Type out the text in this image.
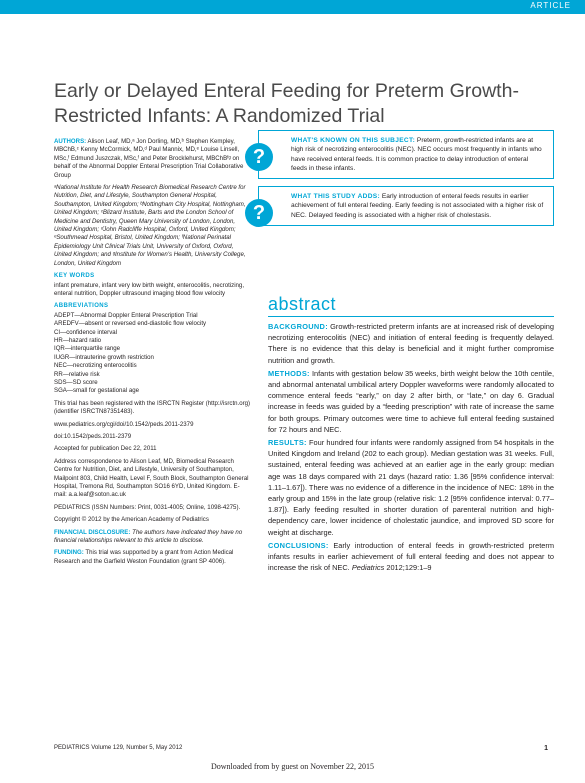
ARTICLE
Early or Delayed Enteral Feeding for Preterm Growth-Restricted Infants: A Randomized Trial

AUTHORS: Alison Leaf, MD,ᵃ Jon Dorling, MD,ᵇ Stephen Kempley, MBChB,ᶜ Kenny McCormick, MD,ᵈ Paul Mannix, MD,ᵉ Louise Linsell, MSc,ᶠ Edmund Juszczak, MSc,ᶠ and Peter Brocklehurst, MBChBᶠᵍ on behalf of the Abnormal Doppler Enteral Prescription Trial Collaborative Group

ᵃNational Institute for Health Research Biomedical Research Centre for Nutrition, Diet, and Lifestyle, Southampton General Hospital, Southampton, United Kingdom; ᵇNottingham City Hospital, Nottingham, United Kingdom; ᶜBlizard Institute, Barts and the London School of Medicine and Dentistry, Queen Mary University of London, London, United Kingdom; ᵈJohn Radcliffe Hospital, Oxford, United Kingdom; ᵉSouthmead Hospital, Bristol, United Kingdom; ᶠNational Perinatal Epidemiology Unit Clinical Trials Unit, University of Oxford, Oxford, United Kingdom; and ᵍInstitute for Women's Health, University College, London, United Kingdom

KEY WORDS

infant premature, infant very low birth weight, enterocolitis, necrotizing, enteral nutrition, Doppler ultrasound imaging blood flow velocity

ABBREVIATIONS

ADEPT—Abnormal Doppler Enteral Prescription Trial

AREDFV—absent or reversed end-diastolic flow velocity

CI—confidence interval

HR—hazard ratio

IQR—interquartile range

IUGR—intrauterine growth restriction

NEC—necrotizing enterocolitis

RR—relative risk

SDS—SD score

SGA—small for gestational age

This trial has been registered with the ISRCTN Register (http://isrctn.org) (identifier ISRCTN87351483).

www.pediatrics.org/cgi/doi/10.1542/peds.2011-2379

doi:10.1542/peds.2011-2379

Accepted for publication Dec 22, 2011

Address correspondence to Alison Leaf, MD, Biomedical Research Centre for Nutrition, Diet, and Lifestyle, University of Southampton, Mailpoint 803, Child Health, Level F, South Block, Southampton General Hospital, Tremona Rd, Southampton SO16 6YD, United Kingdom. E-mail: a.a.leaf@soton.ac.uk

PEDIATRICS (ISSN Numbers: Print, 0031-4005; Online, 1098-4275).

Copyright © 2012 by the American Academy of Pediatrics

FINANCIAL DISCLOSURE: The authors have indicated they have no financial relationships relevant to this article to disclose.

FUNDING: This trial was supported by a grant from Action Medical Research and the Garfield Weston Foundation (grant SP 4006).

?
WHAT'S KNOWN ON THIS SUBJECT: Preterm, growth-restricted infants are at high risk of necrotizing enterocolitis (NEC). NEC occurs most frequently in infants who have received enteral feeds. It is common practice to delay introduction of enteral feeds in these infants.
?
WHAT THIS STUDY ADDS: Early introduction of enteral feeds results in earlier achievement of full enteral feeding. Early feeding is not associated with a higher risk of NEC. Delayed feeding is associated with a higher risk of cholestasis.
abstract

BACKGROUND: Growth-restricted preterm infants are at increased risk of developing necrotizing enterocolitis (NEC) and initiation of enteral feeding is frequently delayed. There is no evidence that this delay is beneficial and it might further compromise nutrition and growth.

METHODS: Infants with gestation below 35 weeks, birth weight below the 10th centile, and abnormal antenatal umbilical artery Doppler waveforms were randomly allocated to commence enteral feeds “early,” on day 2 after birth, or “late,” on day 6. Gradual increase in feeds was guided by a “feeding prescription” with rate of increase the same for both groups. Primary outcomes were time to achieve full enteral feeding sustained for 72 hours and NEC.

RESULTS: Four hundred four infants were randomly assigned from 54 hospitals in the United Kingdom and Ireland (202 to each group). Median gestation was 31 weeks. Full, sustained, enteral feeding was achieved at an earlier age in the early group: median age was 18 days compared with 21 days (hazard ratio: 1.36 [95% confidence interval: 1.11–1.67]). There was no evidence of a difference in the incidence of NEC: 18% in the early group and 15% in the late group (relative risk: 1.2 [95% confidence interval: 0.77–1.87]). Early feeding resulted in shorter duration of parenteral nutrition and high-dependency care, lower incidence of cholestatic jaundice, and improved SD score for weight at discharge.

CONCLUSIONS: Early introduction of enteral feeds in growth-restricted preterm infants results in earlier achievement of full enteral feeding and does not appear to increase the risk of NEC. Pediatrics 2012;129:1–9

PEDIATRICS Volume 129, Number 5, May 2012	1
Downloaded from by guest on November 22, 2015
